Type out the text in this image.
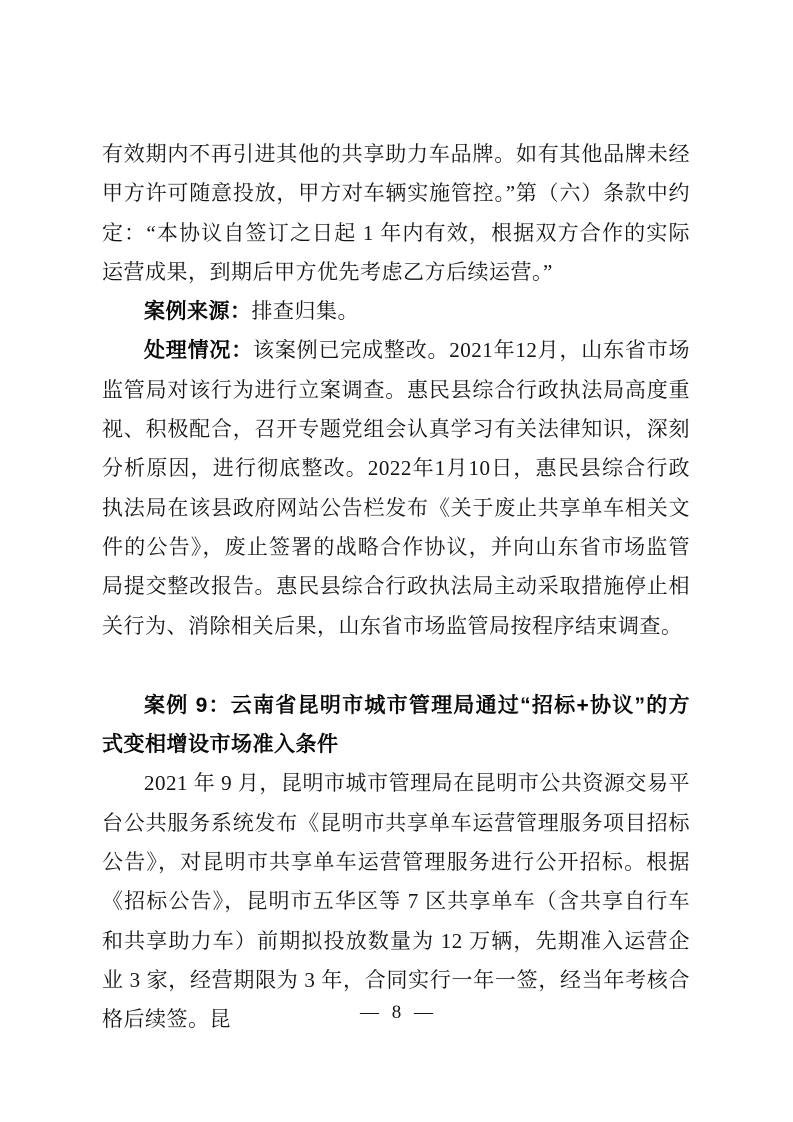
有效期内不再引进其他的共享助力车品牌。如有其他品牌未经甲方许可随意投放，甲方对车辆实施管控。”第（六）条款中约定：“本协议自签订之日起 1 年内有效，根据双方合作的实际运营成果，到期后甲方优先考虑乙方后续运营。”

案例来源：排查归集。

处理情况：该案例已完成整改。2021年12月，山东省市场监管局对该行为进行立案调查。惠民县综合行政执法局高度重视、积极配合，召开专题党组会认真学习有关法律知识，深刻分析原因，进行彻底整改。2022年1月10日，惠民县综合行政执法局在该县政府网站公告栏发布《关于废止共享单车相关文件的公告》，废止签署的战略合作协议，并向山东省市场监管局提交整改报告。惠民县综合行政执法局主动采取措施停止相关行为、消除相关后果，山东省市场监管局按程序结束调查。

案例 9：云南省昆明市城市管理局通过“招标+协议”的方式变相增设市场准入条件

2021 年 9 月，昆明市城市管理局在昆明市公共资源交易平台公共服务系统发布《昆明市共享单车运营管理服务项目招标公告》，对昆明市共享单车运营管理服务进行公开招标。根据《招标公告》，昆明市五华区等 7 区共享单车（含共享自行车和共享助力车）前期拟投放数量为 12 万辆，先期准入运营企业 3 家，经营期限为 3 年，合同实行一年一签，经当年考核合格后续签。昆	— 8 —
